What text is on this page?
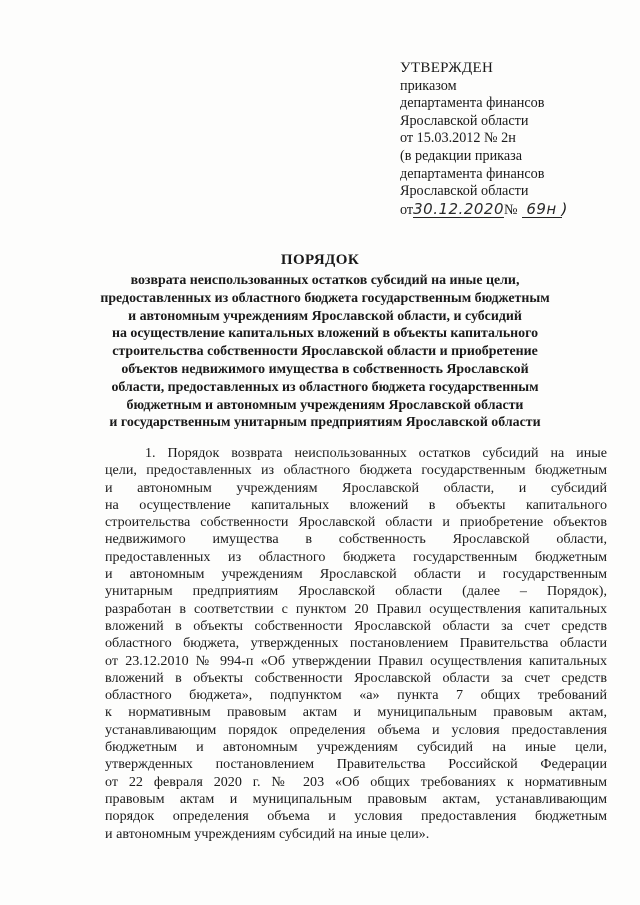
УТВЕРЖДЕН
приказом
департамента финансов
Ярославской области
от 15.03.2012 № 2н
(в редакции приказа
департамента финансов
Ярославской области
от 30.12.2020 № 69н )
ПОРЯДОК
возврата неиспользованных остатков субсидий на иные цели,
предоставленных из областного бюджета государственным бюджетным
и автономным учреждениям Ярославской области, и субсидий
на осуществление капитальных вложений в объекты капитального
строительства собственности Ярославской области и приобретение
объектов недвижимого имущества в собственность Ярославской
области, предоставленных из областного бюджета государственным
бюджетным и автономным учреждениям Ярославской области
и государственным унитарным предприятиям Ярославской области
1. Порядок возврата неиспользованных остатков субсидий на иные
цели, предоставленных из областного бюджета государственным бюджетным
и автономным учреждениям Ярославской области, и субсидий
на осуществление капитальных вложений в объекты капитального
строительства собственности Ярославской области и приобретение объектов
недвижимого имущества в собственность Ярославской области,
предоставленных из областного бюджета государственным бюджетным
и автономным учреждениям Ярославской области и государственным
унитарным предприятиям Ярославской области (далее – Порядок),
разработан в соответствии с пунктом 20 Правил осуществления капитальных
вложений в объекты собственности Ярославской области за счет средств
областного бюджета, утвержденных постановлением Правительства области
от 23.12.2010 № 994-п «Об утверждении Правил осуществления капитальных
вложений в объекты собственности Ярославской области за счет средств
областного бюджета», подпунктом «а» пункта 7 общих требований
к нормативным правовым актам и муниципальным правовым актам,
устанавливающим порядок определения объема и условия предоставления
бюджетным и автономным учреждениям субсидий на иные цели,
утвержденных постановлением Правительства Российской Федерации
от 22 февраля 2020 г. № 203 «Об общих требованиях к нормативным
правовым актам и муниципальным правовым актам, устанавливающим
порядок определения объема и условия предоставления бюджетным
и автономным учреждениям субсидий на иные цели».
